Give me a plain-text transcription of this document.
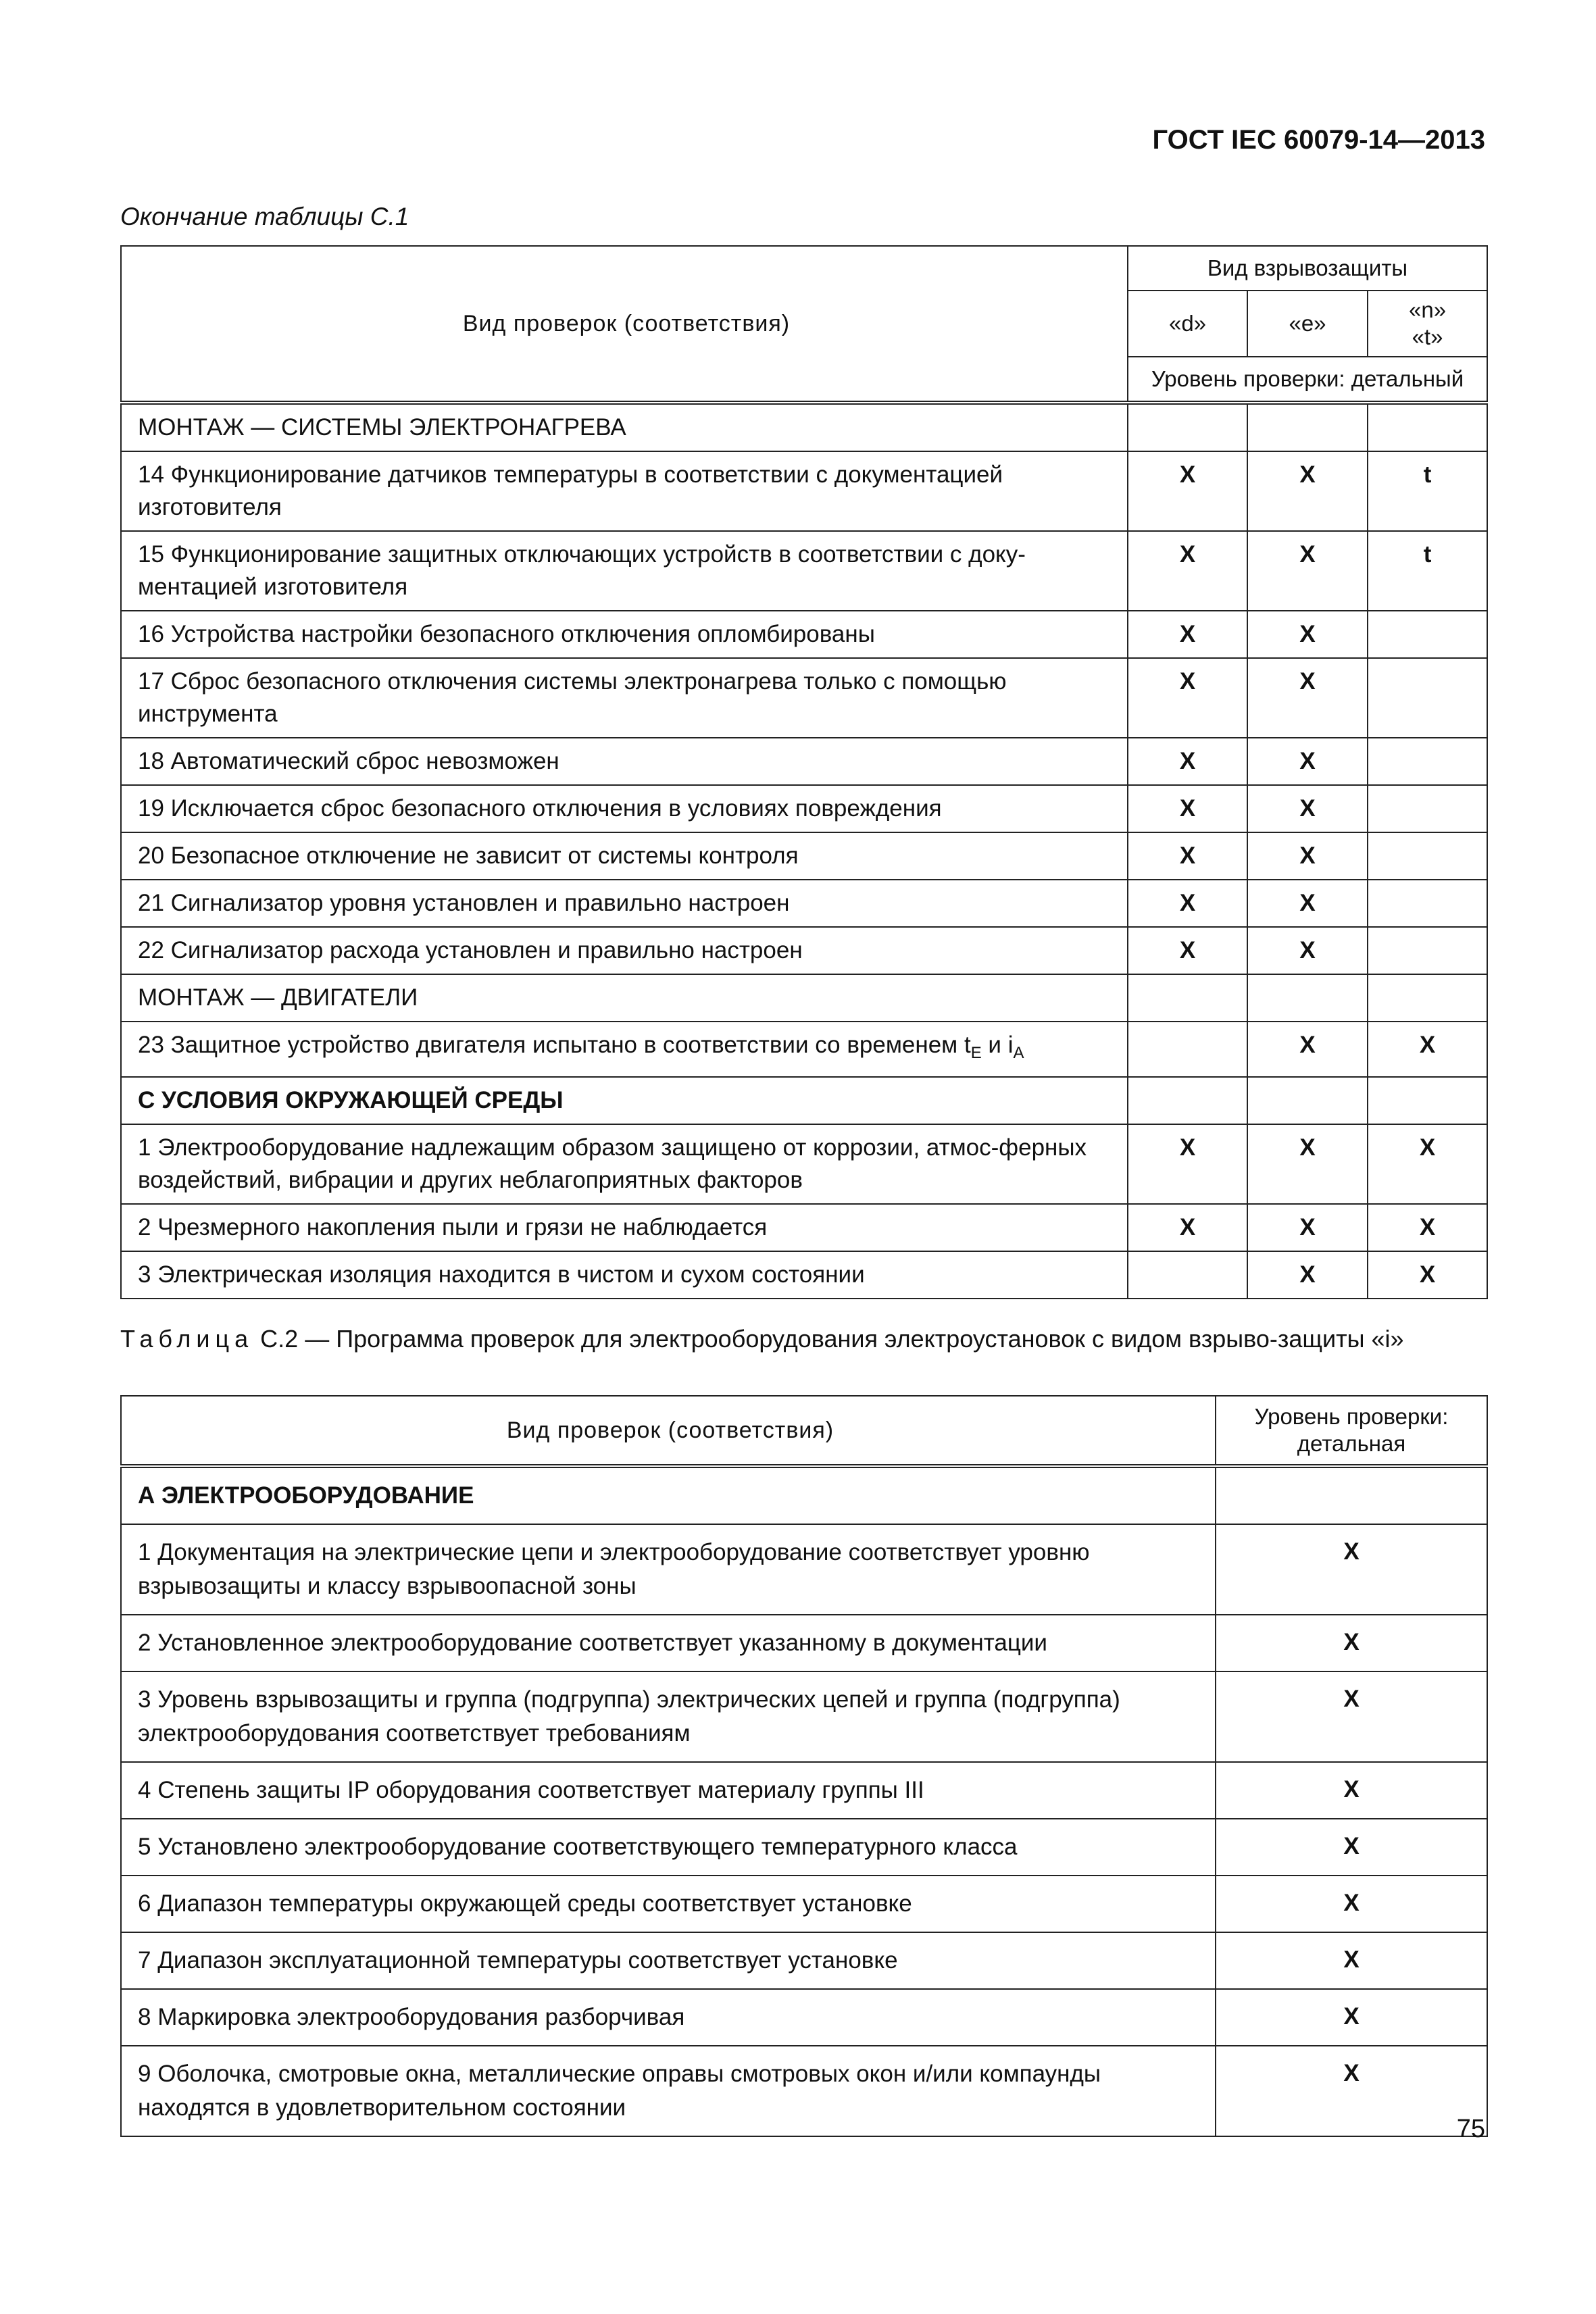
ГОСТ IEC 60079-14—2013
Окончание таблицы С.1
Вид проверок (соответствия)	Вид взрывозащиты		
	«d»	«e»	«n»
«t»
	Уровень проверки: детальный		
МОНТАЖ — СИСТЕМЫ ЭЛЕКТРОНАГРЕВА			
14 Функционирование датчиков температуры в соответствии с документацией изготовителя	X	X	t
15 Функционирование защитных отключающих устройств в соответствии с доку-ментацией изготовителя	X	X	t
16 Устройства настройки безопасного отключения опломбированы	X	X	
17 Сброс безопасного отключения системы электронагрева только с помощью инструмента	X	X	
18 Автоматический сброс невозможен	X	X	
19 Исключается сброс безопасного отключения в условиях повреждения	X	X	
20 Безопасное отключение не зависит от системы контроля	X	X	
21 Сигнализатор уровня установлен и правильно настроен	X	X	
22 Сигнализатор расхода установлен и правильно настроен	X	X	
МОНТАЖ — ДВИГАТЕЛИ			
23 Защитное устройство двигателя испытано в соответствии со временем $t_E$ и $i_A$		X	X
С УСЛОВИЯ ОКРУЖАЮЩЕЙ СРЕДЫ			
1 Электрооборудование надлежащим образом защищено от коррозии, атмос-ферных воздействий, вибрации и других неблагоприятных факторов	X	X	X
2 Чрезмерного накопления пыли и грязи не наблюдается	X	X	X
3 Электрическая изоляция находится в чистом и сухом состоянии		X	X
Таблица С.2 — Программа проверок для электрооборудования электроустановок с видом взрыво-защиты «i»
Вид проверок (соответствия)	Уровень проверки: детальная
А ЭЛЕКТРООБОРУДОВАНИЕ	
1 Документация на электрические цепи и электрооборудование соответствует уровню взрывозащиты и классу взрывоопасной зоны	X
2 Установленное электрооборудование соответствует указанному в документации	X
3 Уровень взрывозащиты и группа (подгруппа) электрических цепей и группа (подгруппа) электрооборудования соответствует требованиям	X
4 Степень защиты IP оборудования соответствует материалу группы III	X
5 Установлено электрооборудование соответствующего температурного класса	X
6 Диапазон температуры окружающей среды соответствует установке	X
7 Диапазон эксплуатационной температуры соответствует установке	X
8 Маркировка электрооборудования разборчивая	X
9 Оболочка, смотровые окна, металлические оправы смотровых окон и/или компаунды находятся в удовлетворительном состоянии	X
75
